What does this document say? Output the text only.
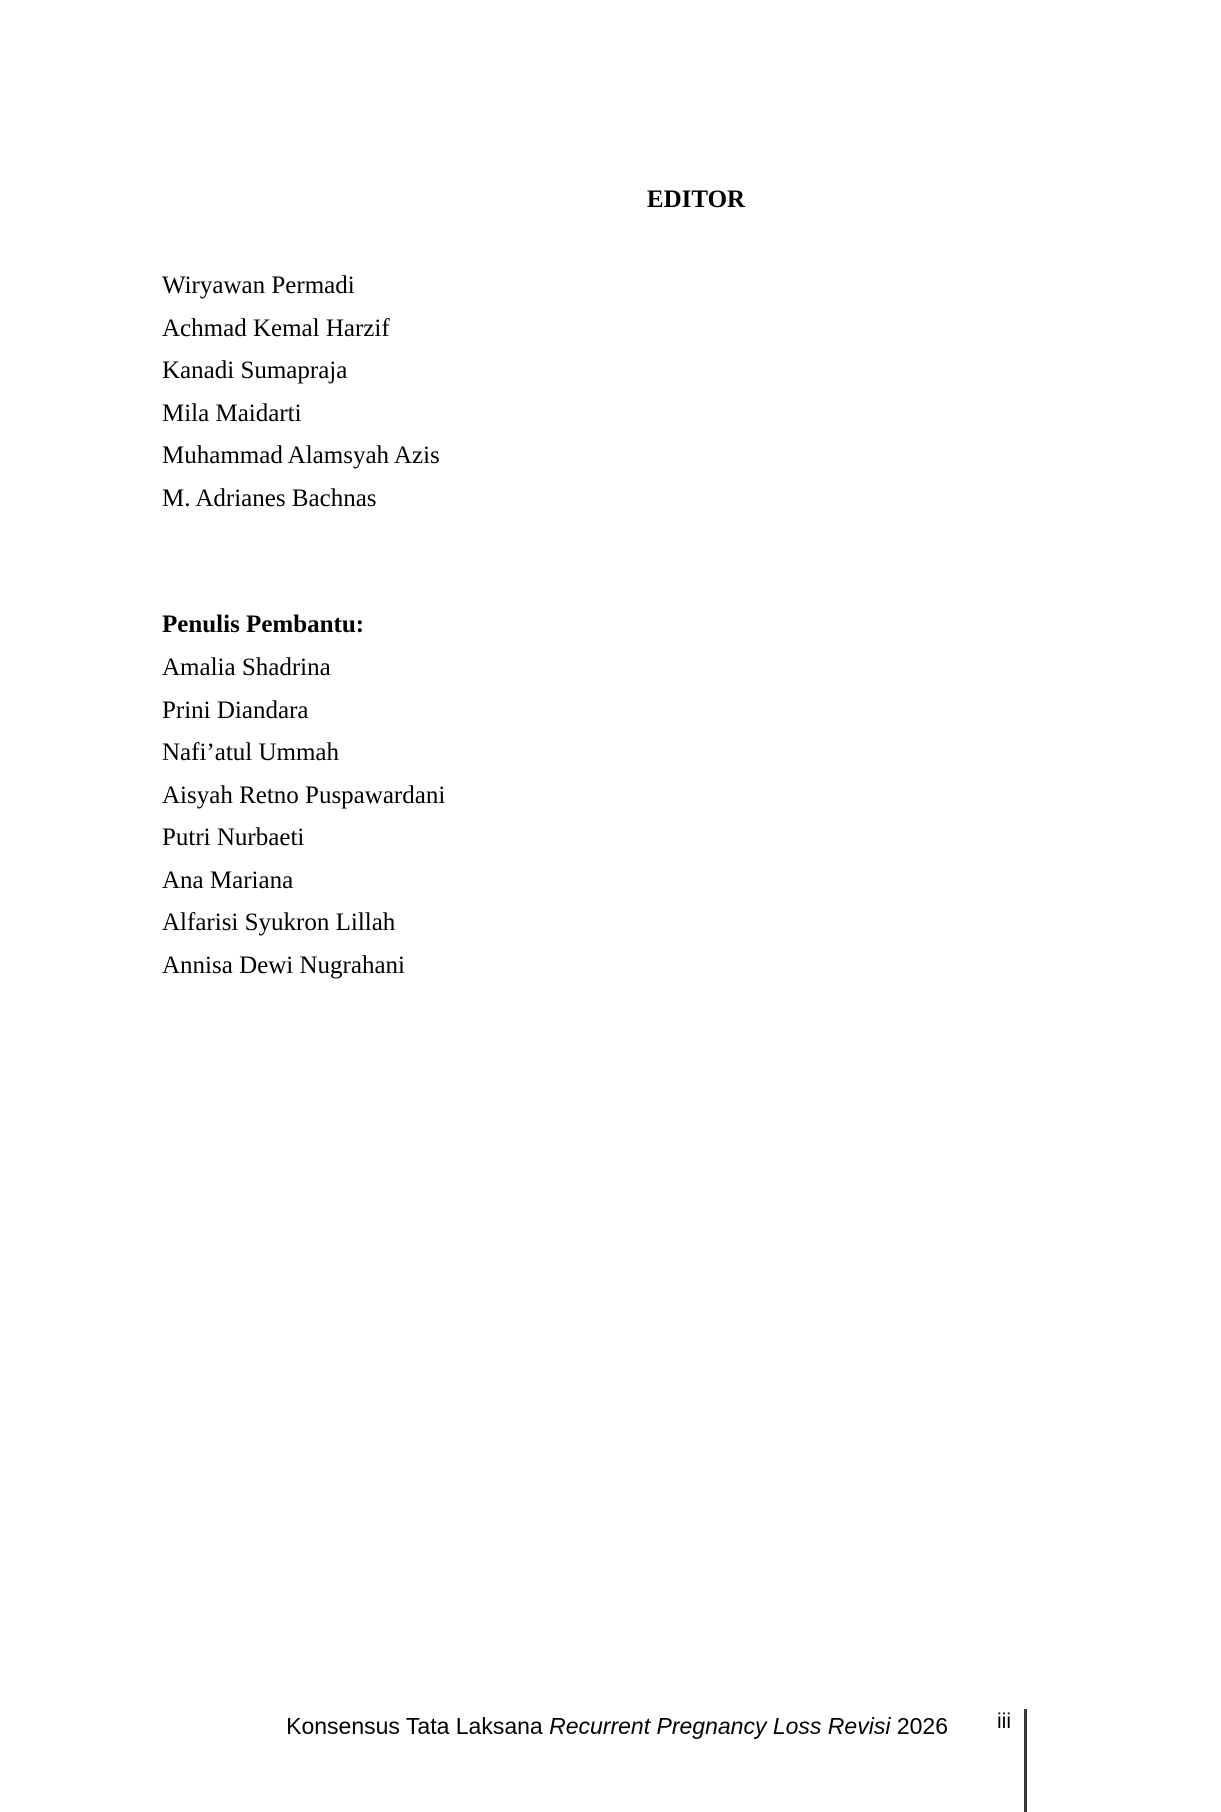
EDITOR
Wiryawan Permadi
Achmad Kemal Harzif
Kanadi Sumapraja
Mila Maidarti
Muhammad Alamsyah Azis
M. Adrianes Bachnas
Penulis Pembantu:
Amalia Shadrina
Prini Diandara
Nafi’atul Ummah
Aisyah Retno Puspawardani
Putri Nurbaeti
Ana Mariana
Alfarisi Syukron Lillah
Annisa Dewi Nugrahani
Konsensus Tata Laksana Recurrent Pregnancy Loss Revisi 2026 iii
